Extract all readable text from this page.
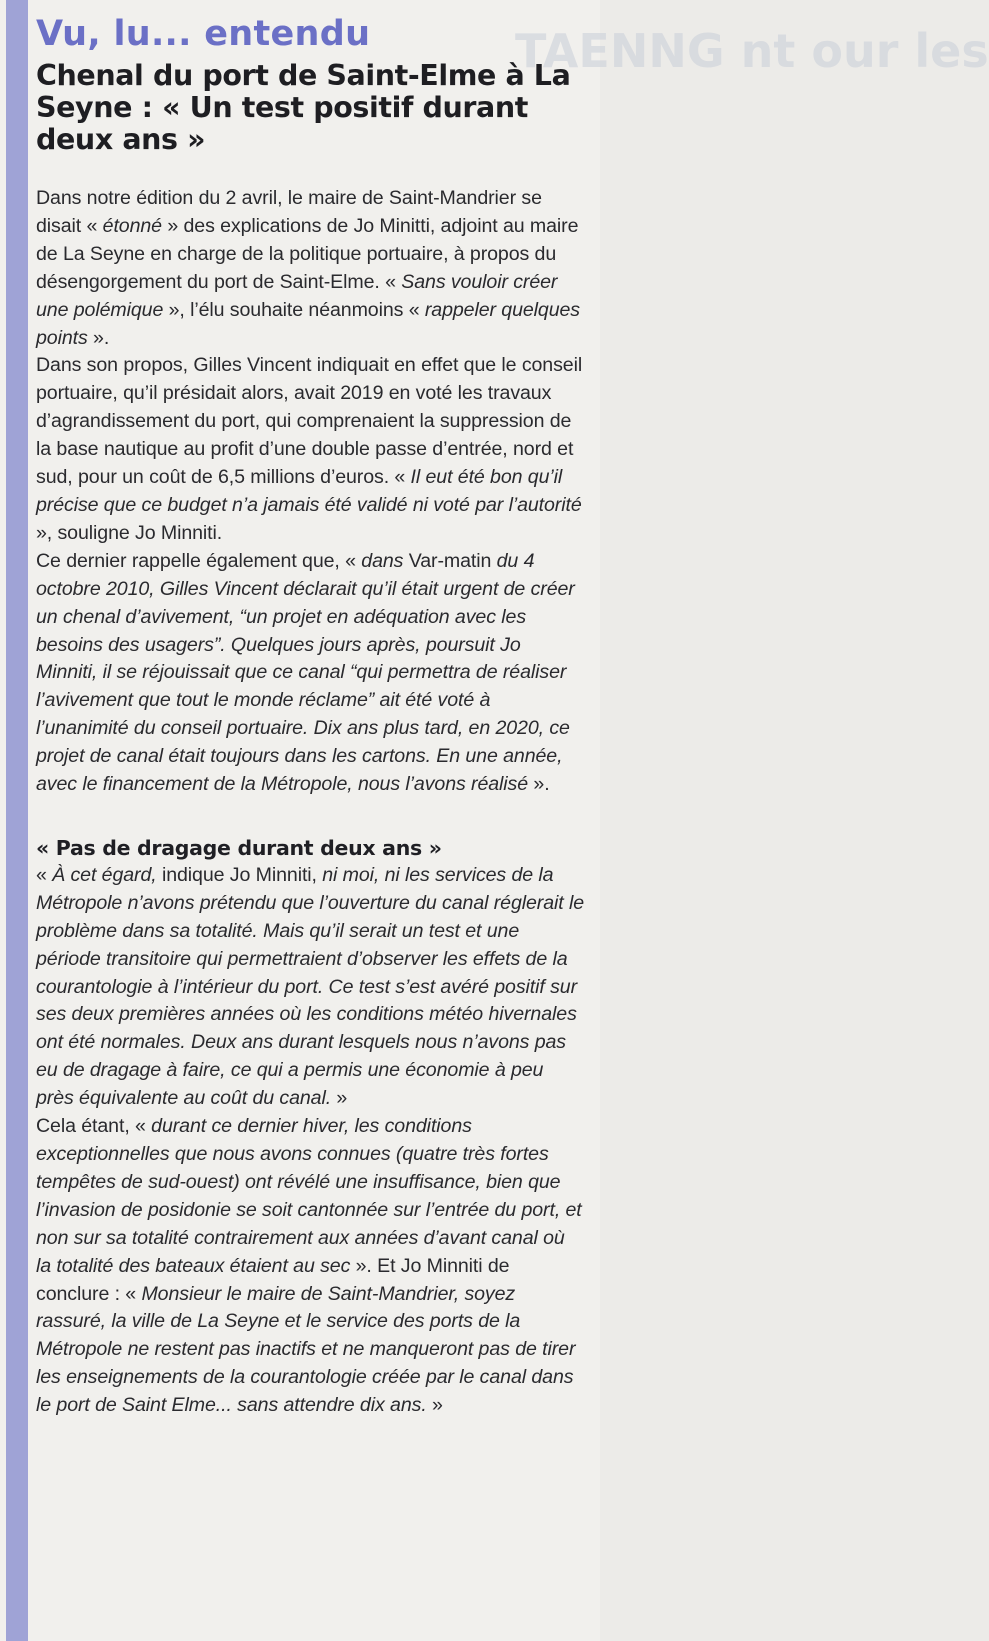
TAENNG nt our les
Vu, lu... entendu
Chenal du port de Saint-Elme à La Seyne : « Un test positif durant deux ans »

Dans notre édition du 2 avril, le maire de Saint-Mandrier se disait « étonné » des explications de Jo Minitti, adjoint au maire de La Seyne en charge de la politique portuaire, à propos du désengorgement du port de Saint-Elme. « Sans vouloir créer une polémique », l’élu souhaite néanmoins « rappeler quelques points ».

Dans son propos, Gilles Vincent indiquait en effet que le conseil portuaire, qu’il présidait alors, avait 2019 en voté les travaux d’agrandissement du port, qui comprenaient la suppression de la base nautique au profit d’une double passe d’entrée, nord et sud, pour un coût de 6,5 millions d’euros. « Il eut été bon qu’il précise que ce budget n’a jamais été validé ni voté par l’autorité », souligne Jo Minniti.

Ce dernier rappelle également que, « dans Var-matin du 4 octobre 2010, Gilles Vincent déclarait qu’il était urgent de créer un chenal d’avivement, “un projet en adéquation avec les besoins des usagers”. Quelques jours après, poursuit Jo Minniti, il se réjouissait que ce canal “qui permettra de réaliser l’avivement que tout le monde réclame” ait été voté à l’unanimité du conseil portuaire. Dix ans plus tard, en 2020, ce projet de canal était toujours dans les cartons. En une année, avec le financement de la Métropole, nous l’avons réalisé ».

« Pas de dragage durant deux ans »

« À cet égard, indique Jo Minniti, ni moi, ni les services de la Métropole n’avons prétendu que l’ouverture du canal réglerait le problème dans sa totalité. Mais qu’il serait un test et une période transitoire qui permettraient d’observer les effets de la courantologie à l’intérieur du port. Ce test s’est avéré positif sur ses deux premières années où les conditions météo hivernales ont été normales. Deux ans durant lesquels nous n’avons pas eu de dragage à faire, ce qui a permis une économie à peu près équivalente au coût du canal. »

Cela étant, « durant ce dernier hiver, les conditions exceptionnelles que nous avons connues (quatre très fortes tempêtes de sud-ouest) ont révélé une insuffisance, bien que l’invasion de posidonie se soit cantonnée sur l’entrée du port, et non sur sa totalité contrairement aux années d’avant canal où la totalité des bateaux étaient au sec ». Et Jo Minniti de conclure : « Monsieur le maire de Saint-Mandrier, soyez rassuré, la ville de La Seyne et le service des ports de la Métropole ne restent pas inactifs et ne manqueront pas de tirer les enseignements de la courantologie créée par le canal dans le port de Saint Elme... sans attendre dix ans. »
